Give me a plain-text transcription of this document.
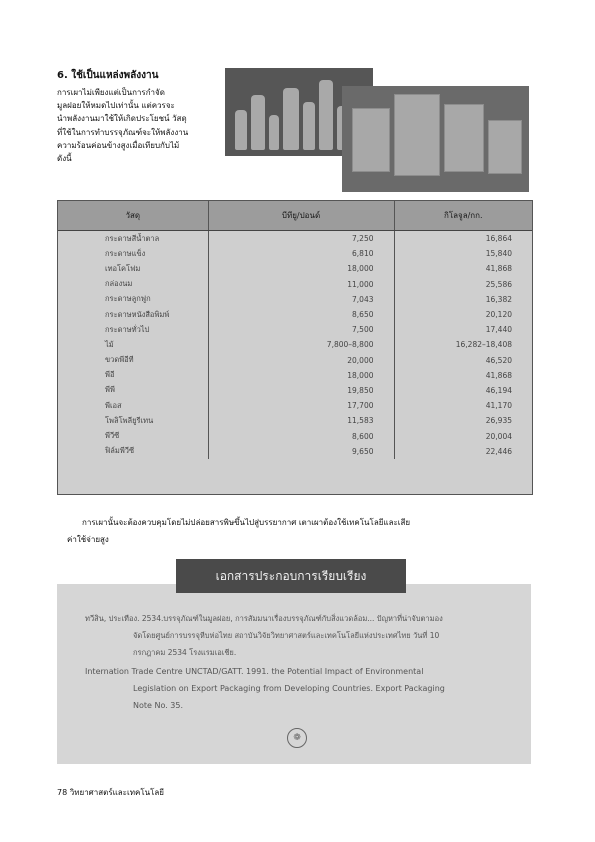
6. ใช้เป็นแหล่งพลังงาน

การเผาไม่เพียงแต่เป็นการกำจัด
มูลฝอยให้หมดไปเท่านั้น แต่ควรจะ
นำพลังงานมาใช้ให้เกิดประโยชน์ วัสดุ
ที่ใช้ในการทำบรรจุภัณฑ์จะให้พลังงาน
ความร้อนค่อนข้างสูงเมื่อเทียบกับไม้
ดังนี้

วัสดุ	บีทียู/ปอนด์	กิโลจูล/กก.
กระดาษสีน้ำตาล	7,250	16,864
กระดาษแข็ง	6,810	15,840
เทอโคโฟม	18,000	41,868
กล่องนม	11,000	25,586
กระดาษลูกฟูก	7,043	16,382
กระดาษหนังสือพิมพ์	8,650	20,120
กระดาษทั่วไป	7,500	17,440
ไม้	7,800–8,800	16,282–18,408
ขวดพีอีที	20,000	46,520
พีอี	18,000	41,868
พีพี	19,850	46,194
พีเอส	17,700	41,170
โพลิโพลียูรีเทน	11,583	26,935
พีวีซี	8,600	20,004
ฟิล์มพีวีซี	9,650	22,446

การเผานั้นจะต้องควบคุมโดยไม่ปล่อยสารพิษขึ้นไปสู่บรรยากาศ เตาเผาต้องใช้เทคโนโลยีและเสีย
ค่าใช้จ่ายสูง

เอกสารประกอบการเรียบเรียง

ทวีสิน, ประเทือง. 2534.บรรจุภัณฑ์ในมูลฝอย, การสัมมนาเรื่องบรรจุภัณฑ์กับสิ่งแวดล้อม... ปัญหาที่น่าจับตามอง
จัดโดยศูนย์การบรรจุหีบห่อไทย สถาบันวิจัยวิทยาศาสตร์และเทคโนโลยีแห่งประเทศไทย วันที่ 10
กรกฎาคม 2534 โรงแรมเอเชีย.

Internation Trade Centre UNCTAD/GATT. 1991. the Potential Impact of Environmental
Legislation on Export Packaging from Developing Countries. Export Packaging
Note No. 35.

❁
78 วิทยาศาสตร์และเทคโนโลยี
